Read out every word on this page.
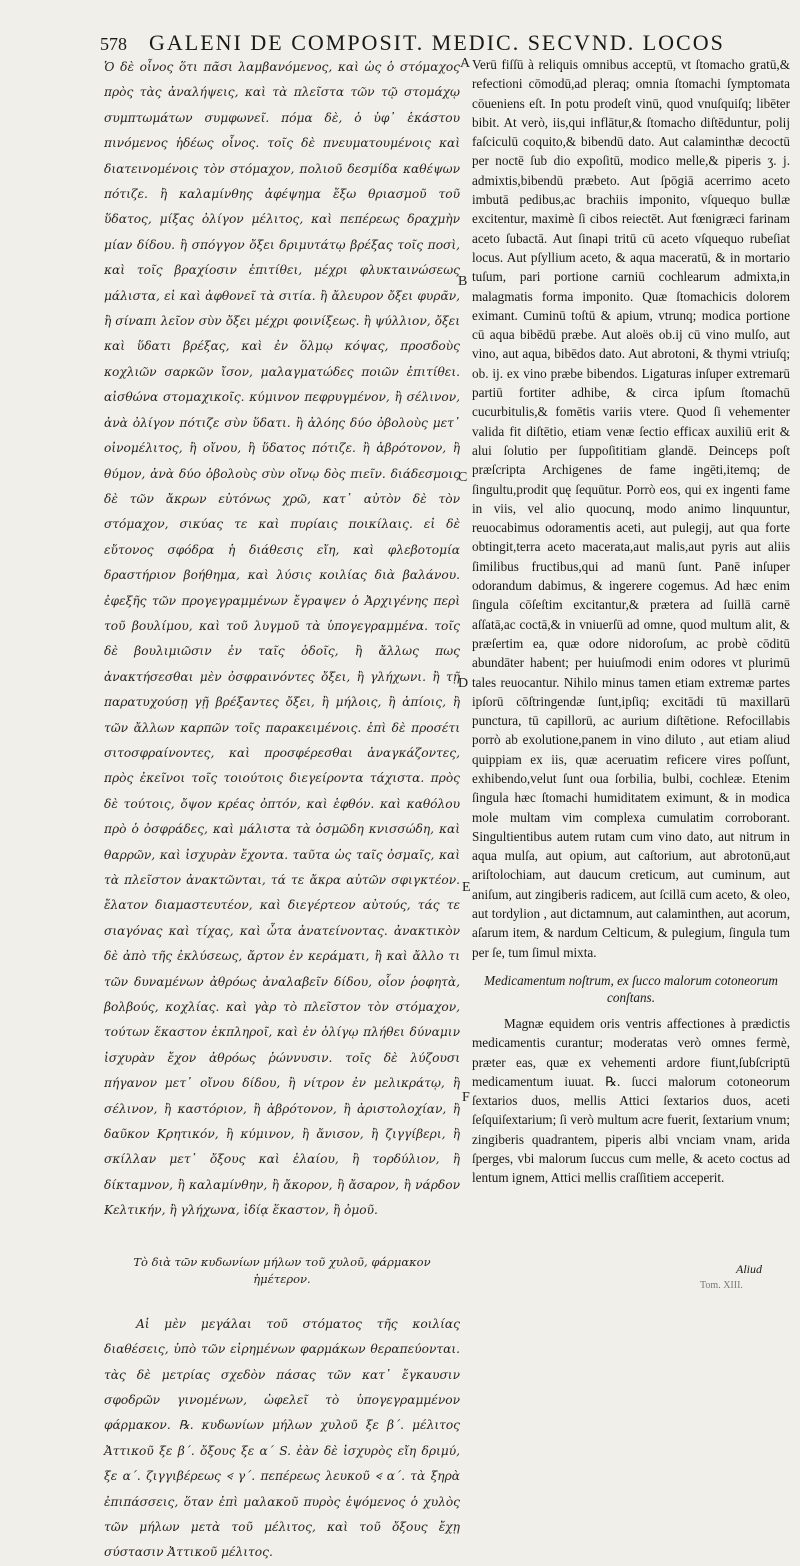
578 GALENI DE COMPOSIT. MEDIC. SECVND. LOCOS

Ὁ δὲ οἶνος ὅτι πᾶσι λαμβανόμενος, καὶ ὡς ὁ στόμαχος πρὸς τὰς ἀναλήψεις, καὶ τὰ πλεῖστα τῶν τῷ στομάχῳ συμπτωμάτων συμφωνεῖ. πόμα δὲ, ὁ ὑφ᾽ ἑκάστου πινόμενος ἡδέως οἶνος. τοῖς δὲ πνευματουμένοις καὶ διατεινομένοις τὸν στόμαχον, πολιοῦ δεσμίδα καθέψων πότιζε. ἢ καλαμίνθης ἀφέψημα ἔξω θριασμοῦ τοῦ ὕδατος, μίξας ὀλίγον μέλιτος, καὶ πεπέρεως δραχμὴν μίαν δίδου. ἢ σπόγγον ὄξει δριμυτάτῳ βρέξας τοῖς ποσὶ, καὶ τοῖς βραχίοσιν ἐπιτίθει, μέχρι φλυκταινώσεως μάλιστα, εἰ καὶ ἀφθονεῖ τὰ σιτία. ἢ ἄλευρον ὄξει φυρᾶν, ἢ σίναπι λεῖον σὺν ὄξει μέχρι φοινίξεως. ἢ ψύλλιον, ὄξει καὶ ὕδατι βρέξας, καὶ ἐν ὅλμῳ κόψας, προσδοὺς κοχλιῶν σαρκῶν ἴσον, μαλαγματώδες ποιῶν ἐπιτίθει. αἰσθώνα στομαχικοῖς. κύμινον πεφρυγμένον, ἢ σέλινον, ἀνὰ ὀλίγον πότιζε σὺν ὕδατι. ἢ ἀλόης δύο ὀβολοὺς μετ᾽ οἰνομέλιτος, ἢ οἴνου, ἢ ὕδατος πότιζε. ἢ ἀβρότονον, ἢ θύμον, ἀνὰ δύο ὀβολοὺς σὺν οἴνῳ δὸς πιεῖν. διάδεσμοις δὲ τῶν ἄκρων εὐτόνως χρῶ, κατ᾽ αὐτὸν δὲ τὸν στόμαχον, σικύας τε καὶ πυρίαις ποικίλαις. εἰ δὲ εὔτονος σφόδρα ἡ διάθεσις εἴη, καὶ φλεβοτομία δραστήριον βοήθημα, καὶ λύσις κοιλίας διὰ βαλάνου. ἐφεξῆς τῶν προγεγραμμένων ἔγραψεν ὁ Ἀρχιγένης περὶ τοῦ βουλίμου, καὶ τοῦ λυγμοῦ τὰ ὑπογεγραμμένα. τοῖς δὲ βουλιμιῶσιν ἐν ταῖς ὁδοῖς, ἢ ἄλλως πως ἀνακτήσεσθαι μὲν ὀσφραινόντες ὄξει, ἢ γλήχωνι. ἢ τῇ παρατυχούσῃ γῇ βρέξαντες ὄξει, ἢ μήλοις, ἢ ἀπίοις, ἢ τῶν ἄλλων καρπῶν τοῖς παρακειμένοις. ἐπὶ δὲ προσέτι σιτοσφραίνοντες, καὶ προσφέρεσθαι ἀναγκάζοντες, πρὸς ἐκεῖνοι τοῖς τοιούτοις διεγείροντα τάχιστα. πρὸς δὲ τούτοις, ὄψον κρέας ὀπτόν, καὶ ἑφθόν. καὶ καθόλου πρὸ ὁ ὀσφράδες, καὶ μάλιστα τὰ ὀσμῶδη κνισσώδη, καὶ θαρρῶν, καὶ ἰσχυρὰν ἔχοντα. ταῦτα ὡς ταῖς ὀσμαῖς, καὶ τὰ πλεῖστον ἀνακτῶνται, τά τε ἄκρα αὐτῶν σφιγκτέον. ἔλατον διαμαστευτέον, καὶ διεγέρτεον αὐτούς, τάς τε σιαγόνας καὶ τίχας, καὶ ὦτα ἀνατείνοντας. ἀνακτικὸν δὲ ἀπὸ τῆς ἐκλύσεως, ἄρτον ἐν κεράματι, ἢ καὶ ἄλλο τι τῶν δυναμένων ἀθρόως ἀναλαβεῖν δίδου, οἷον ῥοφητὰ, βολβούς, κοχλίας. καὶ γὰρ τὸ πλεῖστον τὸν στόμαχον, τούτων ἕκαστον ἐκπληροῖ, καὶ ἐν ὀλίγῳ πλήθει δύναμιν ἰσχυρὰν ἔχον ἀθρόως ῥώννυσιν. τοῖς δὲ λύζουσι πήγανον μετ᾽ οἴνου δίδου, ἢ νίτρον ἐν μελικράτῳ, ἢ σέλινον, ἢ καστόριον, ἢ ἀβρότονον, ἢ ἀριστολοχίαν, ἢ δαῦκον Κρητικόν, ἢ κύμινον, ἢ ἄνισον, ἢ ζιγγίβερι, ἢ σκίλλαν μετ᾽ ὄξους καὶ ἐλαίου, ἢ τορδύλιον, ἢ δίκταμνον, ἢ καλαμίνθην, ἢ ἄκορον, ἢ ἄσαρον, ἢ νάρδον Κελτικήν, ἢ γλήχωνα, ἰδίᾳ ἕκαστον, ἢ ὁμοῦ.

Τὸ διὰ τῶν κυδωνίων μήλων τοῦ χυλοῦ, φάρμακον ἡμέτερον.

Αἱ μὲν μεγάλαι τοῦ στόματος τῆς κοιλίας διαθέσεις, ὑπὸ τῶν εἰρημένων φαρμάκων θεραπεύονται. τὰς δὲ μετρίας σχεδὸν πάσας τῶν κατ᾽ ἔγκαυσιν σφοδρῶν γινομένων, ὠφελεῖ τὸ ὑπογεγραμμένον φάρμακον. ℞. κυδωνίων μήλων χυλοῦ ξε β΄. μέλιτος Ἀττικοῦ ξε β΄. ὄξους ξε α΄ S. ἐὰν δὲ ἰσχυρὸς εἴη δριμύ, ξε α΄. ζιγγιβέρεως 𐅻 γ΄. πεπέρεως λευκοῦ 𐅻 α΄. τὰ ξηρὰ ἐπιπάσσεις, ὅταν ἐπὶ μαλακοῦ πυρὸς ἑψόμενος ὁ χυλὸς τῶν μήλων μετὰ τοῦ μέλιτος, καὶ τοῦ ὄξους ἔχῃ σύστασιν Ἀττικοῦ μέλιτος.

A
B
C
D
E
F

Verū fiſſū à reliquis omnibus acceptū, vt ſtomacho gratū,& refectioni cōmodū,ad pleraq; omnia ſtomachi ſymptomata cōueniens eſt. In potu prodeſt vinū, quod vnuſquiſq; libēter bibit. At verò, iis,qui inflātur,& ſtomacho diſtēduntur, polij faſciculū coquito,& bibendū dato. Aut calaminthæ decoctū per noctē ſub dio expoſitū, modico melle,& piperis ʒ. j. admixtis,bibendū præbeto. Aut ſpōgiā acerrimo aceto imbutā pedibus,ac brachiis imponito, vſquequo bullæ excitentur, maximè ſi cibos reiectēt. Aut fœnigræci farinam aceto ſubactā. Aut ſinapi tritū cū aceto vſquequo rubeſiat locus. Aut pſyllium aceto, & aqua maceratū, & in mortario tuſum, pari portione carniū cochlearum admixta,in malagmatis forma imponito. Quæ ſtomachicis dolorem eximant. Cuminū toſtū & apium, vtrunq; modica portione cū aqua bibēdū præbe. Aut aloës ob.ij cū vino mulſo, aut vino, aut aqua, bibēdos dato. Aut abrotoni, & thymi vtriuſq; ob. ij. ex vino præbe bibendos. Ligaturas inſuper extremarū partiū fortiter adhibe, & circa ipſum ſtomachū cucurbitulis,& fomētis variis vtere. Quod ſi vehementer valida fit diſtētio, etiam venæ ſectio efficax auxiliū erit & alui ſolutio per ſuppoſititiam glandē. Deinceps poſt præſcripta Archigenes de fame ingēti,itemq; de ſingultu,prodit quę ſequūtur. Porrò eos, qui ex ingenti fame in viis, vel alio quocunq, modo animo linquuntur, reuocabimus odoramentis aceti, aut pulegij, aut qua forte obtingit,terra aceto macerata,aut malis,aut pyris aut aliis ſimilibus fructibus,qui ad manū ſunt. Panē inſuper odorandum dabimus, & ingerere cogemus. Ad hæc enim ſingula cōſeſtim excitantur,& prætera ad ſuillā carnē aſſatā,ac coctā,& in vniuerſū ad omne, quod multum alit, & præſertim ea, quæ odore nidoroſum, ac probè cōditū abundāter habent; per huiuſmodi enim odores vt plurimū tales reuocantur. Nihilo minus tamen etiam extremæ partes ipſorū cōſtringendæ ſunt,ipſiq; excitādi tū maxillarū punctura, tū capillorū, ac aurium diſtētione. Refocillabis porrò ab exolutione,panem in vino diluto , aut etiam aliud quippiam ex iis, quæ aceruatim reficere vires poſſunt, exhibendo,velut ſunt oua ſorbilia, bulbi, cochleæ. Etenim ſingula hæc ſtomachi humiditatem eximunt, & in modica mole multam vim complexa cumulatim corroborant. Singultientibus autem rutam cum vino dato, aut nitrum in aqua mulſa, aut opium, aut caſtorium, aut abrotonū,aut ariſtolochiam, aut daucum creticum, aut cuminum, aut aniſum, aut zingiberis radicem, aut ſcillā cum aceto, & oleo, aut tordylion , aut dictamnum, aut calaminthen, aut acorum, aſarum item, & nardum Celticum, & pulegium, ſingula tum per ſe, tum ſimul mixta.

Medicamentum noſtrum, ex ſucco malorum cotoneorum conſtans.

Magnæ equidem oris ventris affectiones à prædictis medicamentis curantur; moderatas verò omnes fermè, præter eas, quæ ex vehementi ardore fiunt,ſubſcriptū medicamentum iuuat. ℞. ſucci malorum cotoneorum ſextarios duos, mellis Attici ſextarios duos, aceti ſeſquiſextarium; ſi verò multum acre fuerit, ſextarium vnum; zingiberis quadrantem, piperis albi vnciam vnam, arida ſperges, vbi malorum ſuccus cum melle, & aceto coctus ad lentum ignem, Attici mellis craſſitiem acceperit.

Aliud
Tom. XIII.
